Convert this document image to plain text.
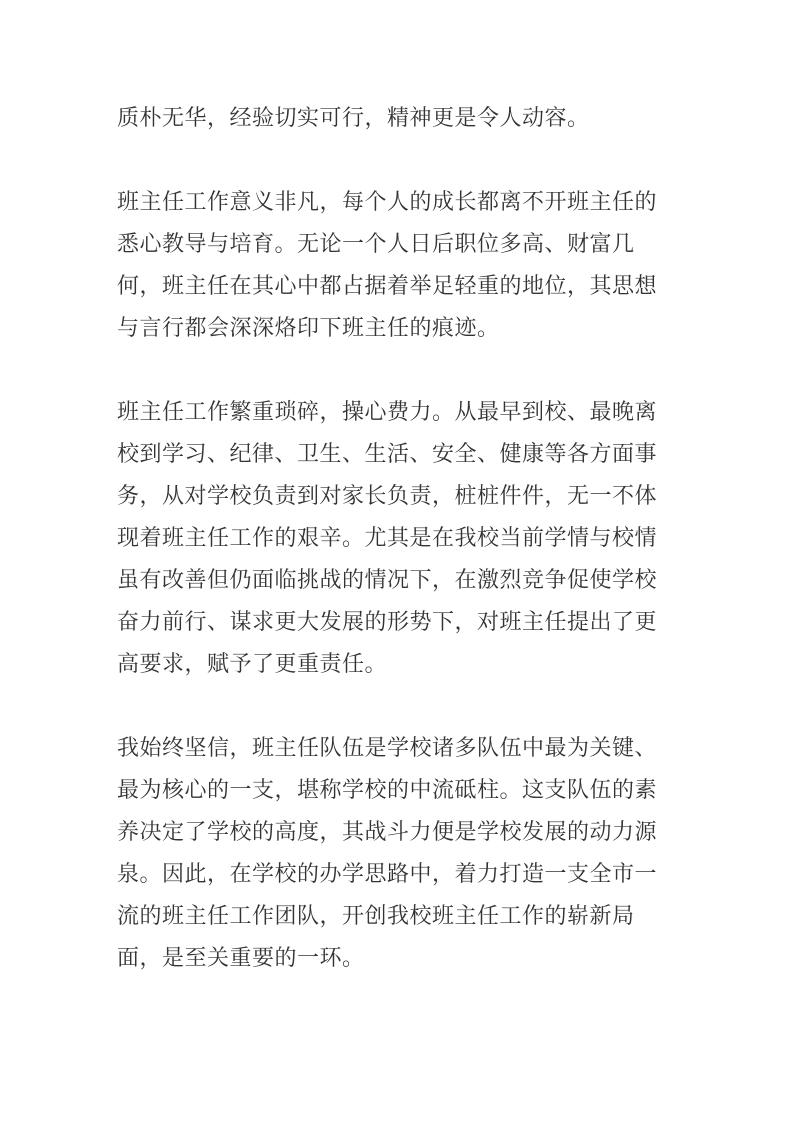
质朴无华，经验切实可行，精神更是令人动容。

班主任工作意义非凡，每个人的成长都离不开班主任的悉心教导与培育。无论一个人日后职位多高、财富几何，班主任在其心中都占据着举足轻重的地位，其思想与言行都会深深烙印下班主任的痕迹。

班主任工作繁重琐碎，操心费力。从最早到校、最晚离校到学习、纪律、卫生、生活、安全、健康等各方面事务，从对学校负责到对家长负责，桩桩件件，无一不体现着班主任工作的艰辛。尤其是在我校当前学情与校情虽有改善但仍面临挑战的情况下，在激烈竞争促使学校奋力前行、谋求更大发展的形势下，对班主任提出了更高要求，赋予了更重责任。

我始终坚信，班主任队伍是学校诸多队伍中最为关键、最为核心的一支，堪称学校的中流砥柱。这支队伍的素养决定了学校的高度，其战斗力便是学校发展的动力源泉。因此，在学校的办学思路中，着力打造一支全市一流的班主任工作团队，开创我校班主任工作的崭新局面，是至关重要的一环。
